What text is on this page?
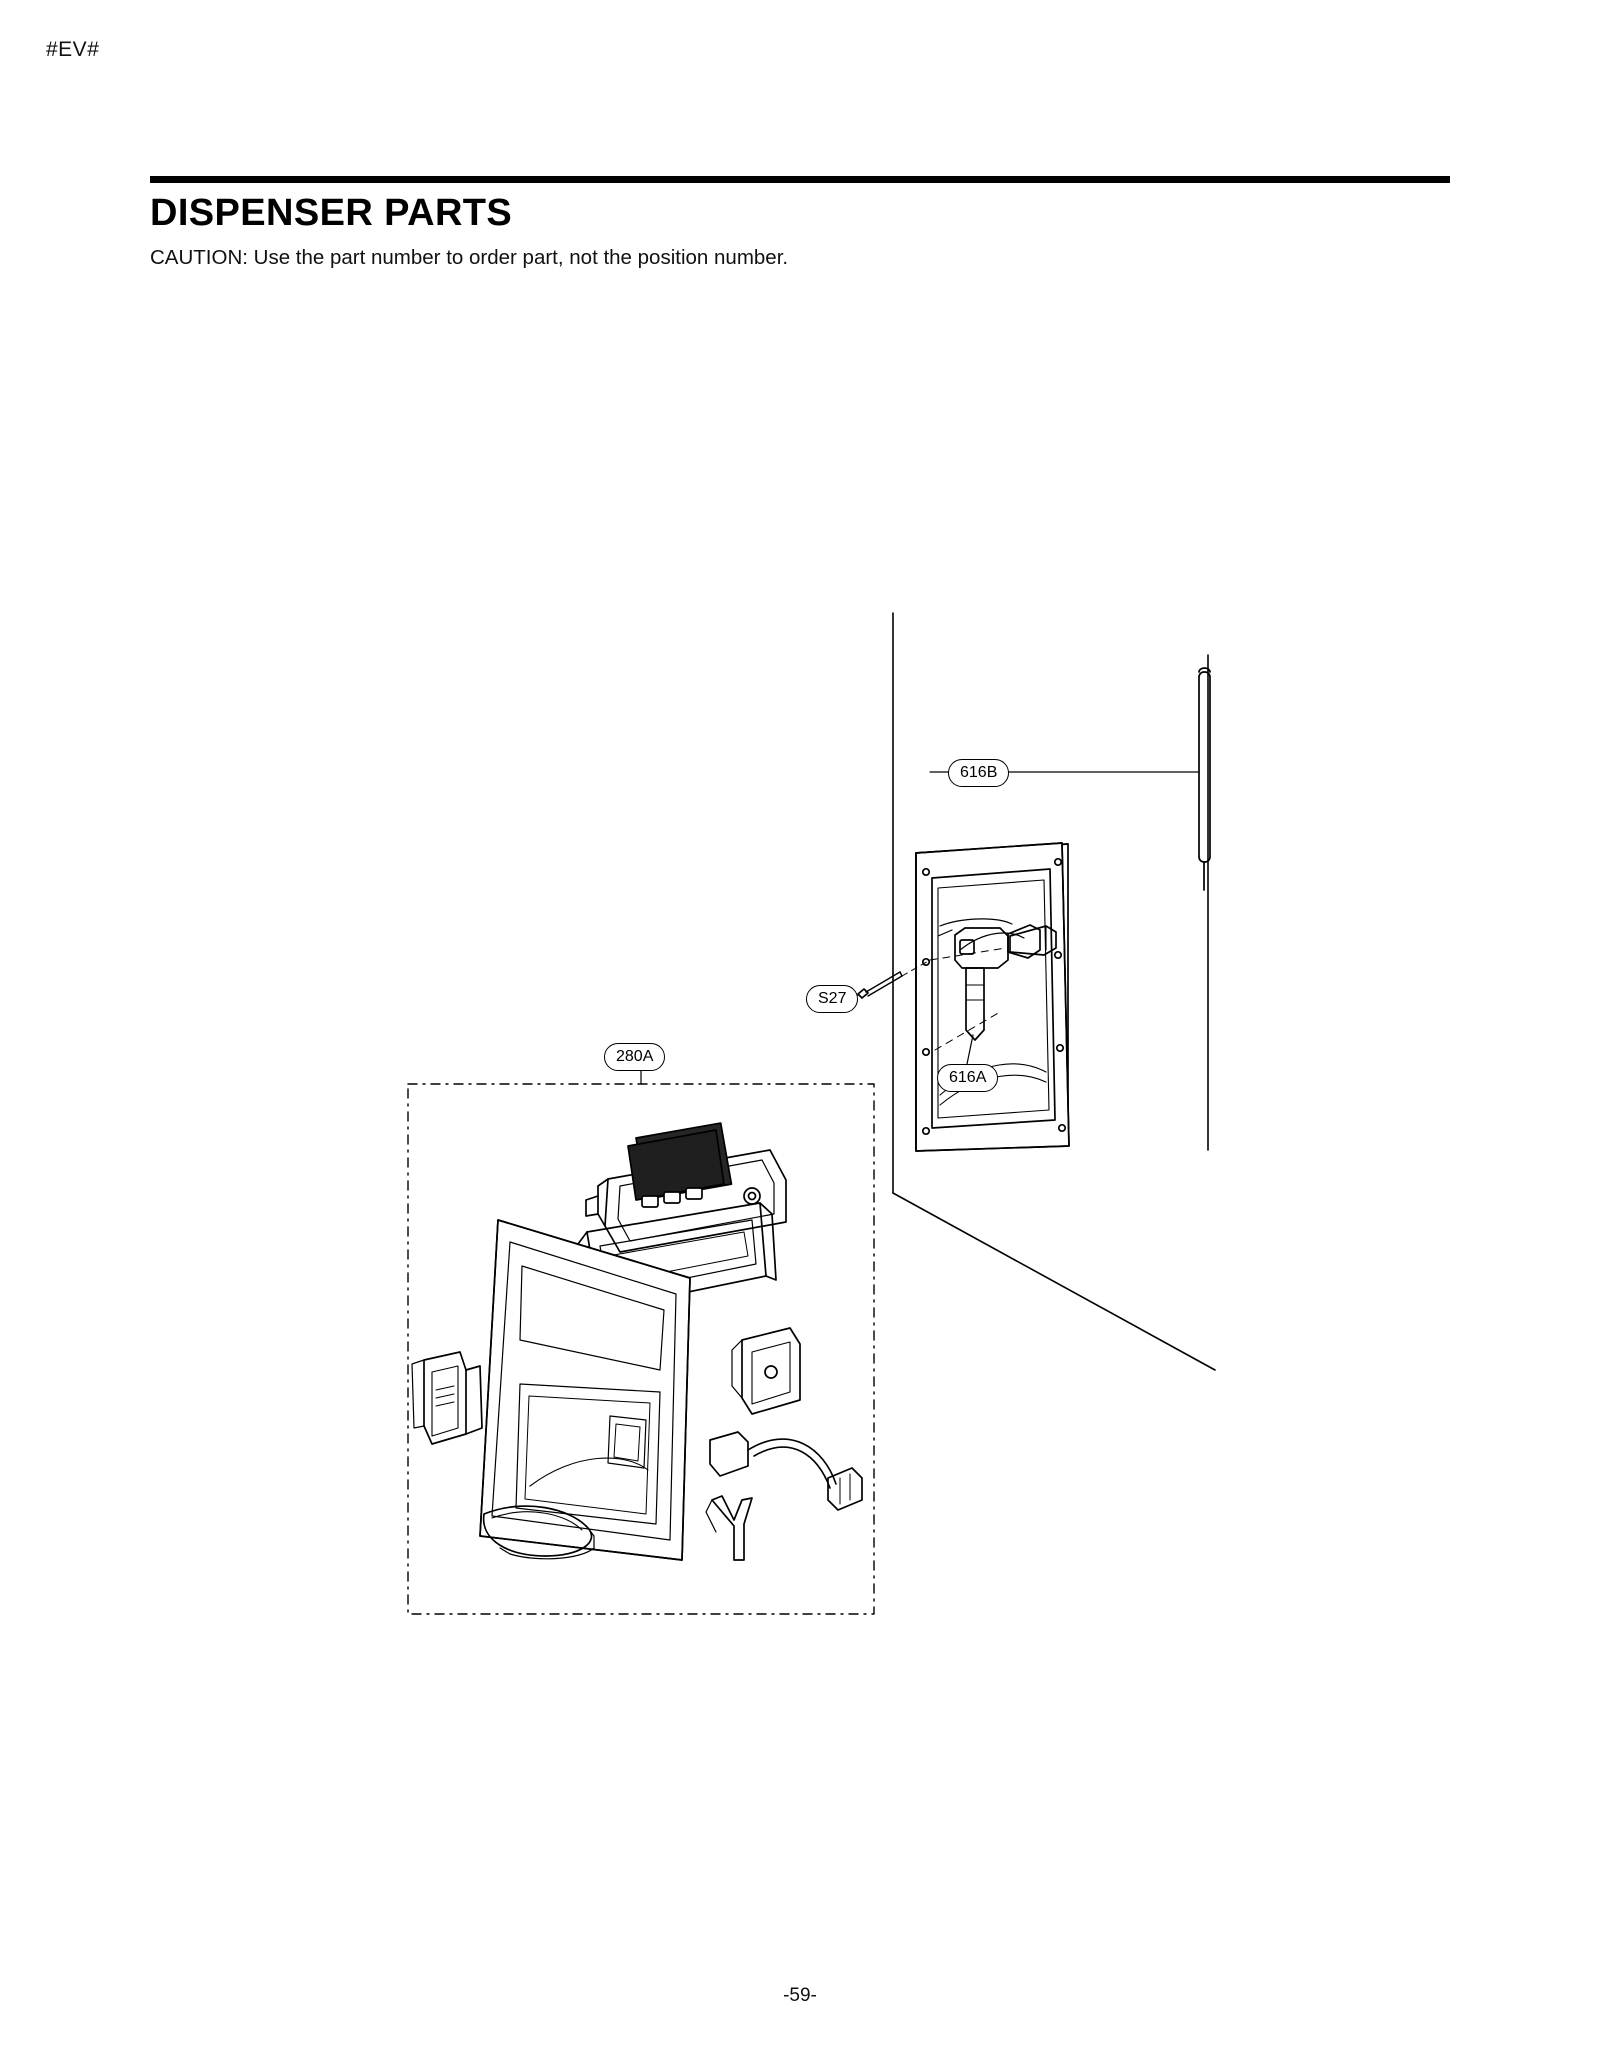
#EV#
DISPENSER PARTS
CAUTION: Use the part number to order part, not the position number.
616B
S27
616A
280A
-59-
